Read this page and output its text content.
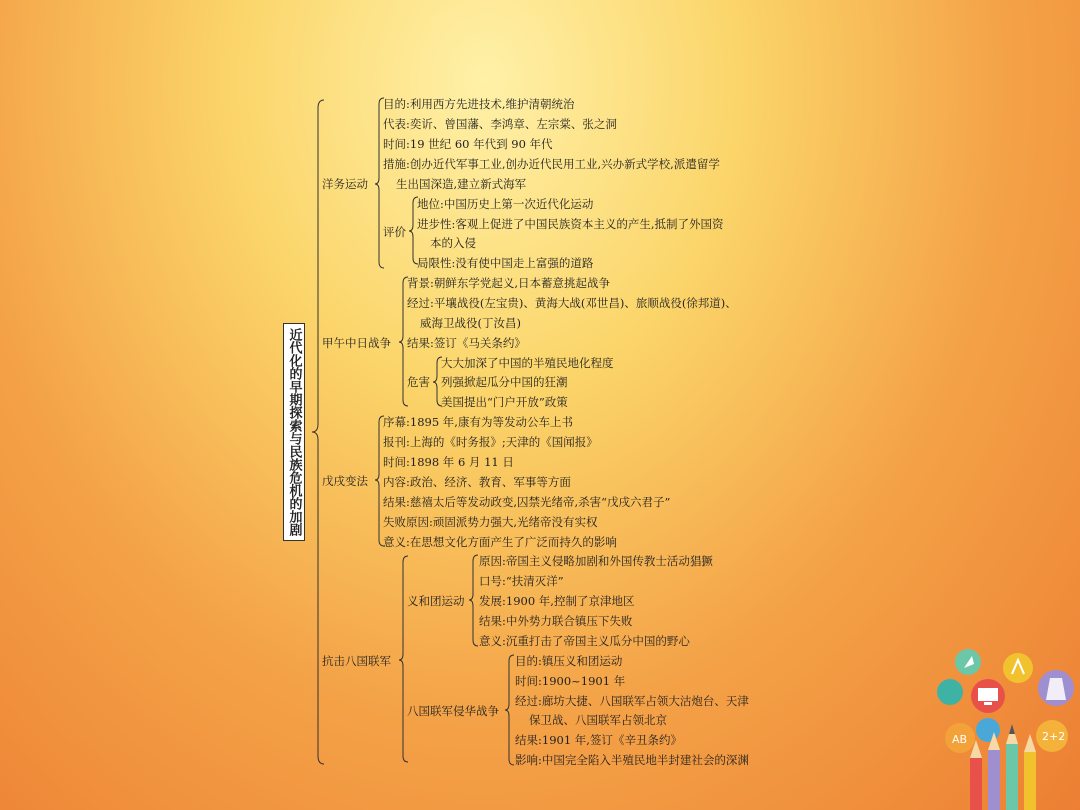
近代化的早期探索与民族危机的加剧
洋务运动
目的:利用西方先进技术,维护清朝统治
代表:奕䜣、曾国藩、李鸿章、左宗棠、张之洞
时间:19 世纪 60 年代到 90 年代
措施:创办近代军事工业,创办近代民用工业,兴办新式学校,派遣留学
生出国深造,建立新式海军
评价
地位:中国历史上第一次近代化运动
进步性:客观上促进了中国民族资本主义的产生,抵制了外国资
本的入侵
局限性:没有使中国走上富强的道路
甲午中日战争
背景:朝鲜东学党起义,日本蓄意挑起战争
经过:平壤战役(左宝贵)、黄海大战(邓世昌)、旅顺战役(徐邦道)、
威海卫战役(丁汝昌)
结果:签订《马关条约》
危害
大大加深了中国的半殖民地化程度
列强掀起瓜分中国的狂潮
美国提出“门户开放”政策
戊戌变法
序幕:1895 年,康有为等发动公车上书
报刊:上海的《时务报》;天津的《国闻报》
时间:1898 年 6 月 11 日
内容:政治、经济、教育、军事等方面
结果:慈禧太后等发动政变,囚禁光绪帝,杀害“戊戌六君子”
失败原因:顽固派势力强大,光绪帝没有实权
意义:在思想文化方面产生了广泛而持久的影响
抗击八国联军
义和团运动
原因:帝国主义侵略加剧和外国传教士活动猖獗
口号:“扶清灭洋”
发展:1900 年,控制了京津地区
结果:中外势力联合镇压下失败
意义:沉重打击了帝国主义瓜分中国的野心
八国联军侵华战争
目的:镇压义和团运动
时间:1900~1901 年
经过:廊坊大捷、八国联军占领大沽炮台、天津
保卫战、八国联军占领北京
结果:1901 年,签订《辛丑条约》
影响:中国完全陷入半殖民地半封建社会的深渊
AB	2+2
